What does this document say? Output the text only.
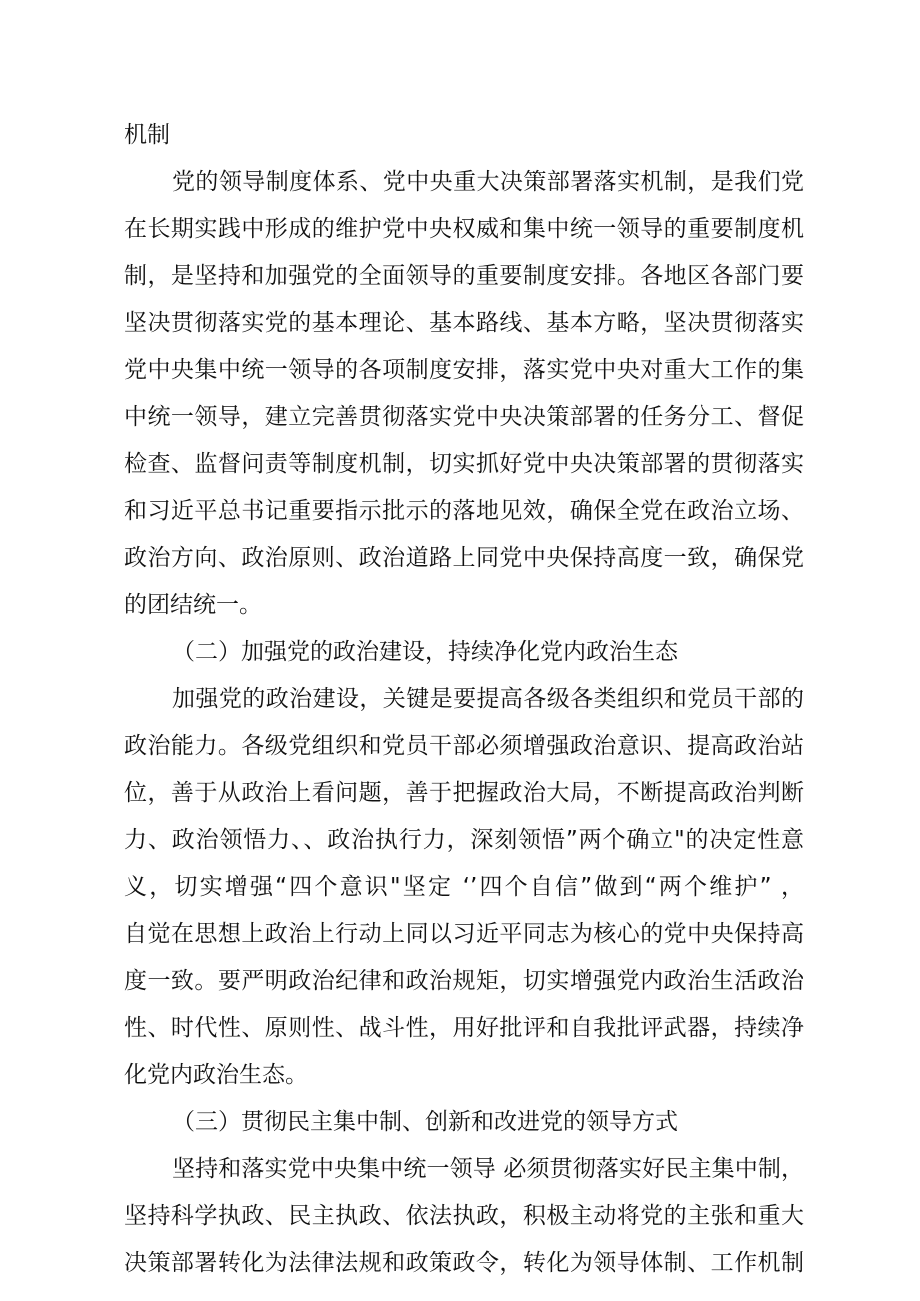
机制
党的领导制度体系、党中央重大决策部署落实机制，是我们党
在长期实践中形成的维护党中央权威和集中统一领导的重要制度机
制，是坚持和加强党的全面领导的重要制度安排。各地区各部门要
坚决贯彻落实党的基本理论、基本路线、基本方略，坚决贯彻落实
党中央集中统一领导的各项制度安排，落实党中央对重大工作的集
中统一领导，建立完善贯彻落实党中央决策部署的任务分工、督促
检查、监督问责等制度机制，切实抓好党中央决策部署的贯彻落实
和习近平总书记重要指示批示的落地见效，确保全党在政治立场、
政治方向、政治原则、政治道路上同党中央保持高度一致，确保党
的团结统一。
（二）加强党的政治建设，持续净化党内政治生态
加强党的政治建设，关键是要提高各级各类组织和党员干部的
政治能力。各级党组织和党员干部必须增强政治意识、提高政治站
位，善于从政治上看问题，善于把握政治大局，不断提高政治判断
力、政治领悟力、、政治执行力，深刻领悟”两个确立"的决定性意
义，切实增强“四个意识"坚定 ‘’四个自信”做到“两个维护” ，
自觉在思想上政治上行动上同以习近平同志为核心的党中央保持高
度一致。要严明政治纪律和政治规矩，切实增强党内政治生活政治
性、时代性、原则性、战斗性，用好批评和自我批评武器，持续净
化党内政治生态。
（三）贯彻民主集中制、创新和改进党的领导方式
坚持和落实党中央集中统一领导 必须贯彻落实好民主集中制，
坚持科学执政、民主执政、依法执政，积极主动将党的主张和重大
决策部署转化为法律法规和政策政令，转化为领导体制、工作机制
